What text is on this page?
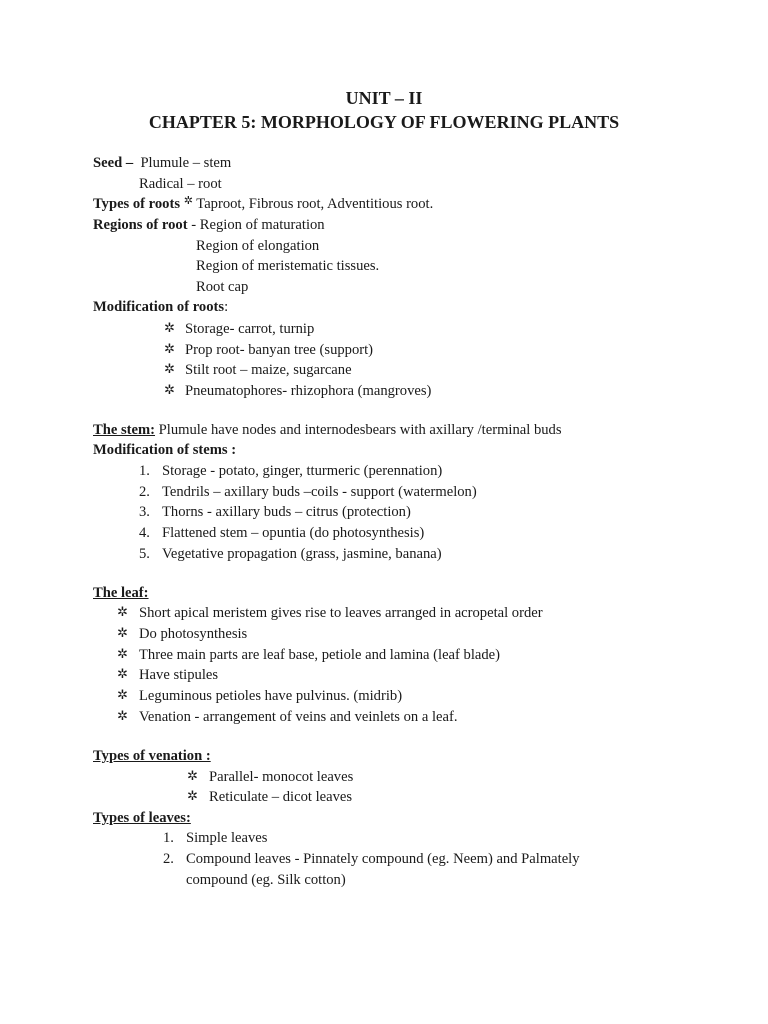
UNIT – II
CHAPTER 5: MORPHOLOGY OF FLOWERING PLANTS
Seed – Plumule – stem
Radical – root
Types of roots ✲ Taproot, Fibrous root, Adventitious root.
Regions of root - Region of maturation
Region of elongation
Region of meristematic tissues.
Root cap
Modification of roots:
✲ Storage- carrot, turnip
✲ Prop root- banyan tree (support)
✲ Stilt root – maize, sugarcane
✲ Pneumatophores- rhizophora (mangroves)
The stem: Plumule have nodes and internodesbears with axillary /terminal buds
Modification of stems :
1. Storage - potato, ginger, tturmeric (perennation)
2. Tendrils – axillary buds –coils - support (watermelon)
3. Thorns - axillary buds – citrus (protection)
4. Flattened stem – opuntia (do photosynthesis)
5. Vegetative propagation (grass, jasmine, banana)
The leaf:
✲ Short apical meristem gives rise to leaves arranged in acropetal order
✲ Do photosynthesis
✲ Three main parts are leaf base, petiole and lamina (leaf blade)
✲ Have stipules
✲ Leguminous petioles have pulvinus. (midrib)
✲ Venation - arrangement of veins and veinlets on a leaf.
Types of venation :
✲ Parallel- monocot leaves
✲ Reticulate – dicot leaves
Types of leaves:
1. Simple leaves
2. Compound leaves - Pinnately compound (eg. Neem) and Palmately
compound (eg. Silk cotton)
